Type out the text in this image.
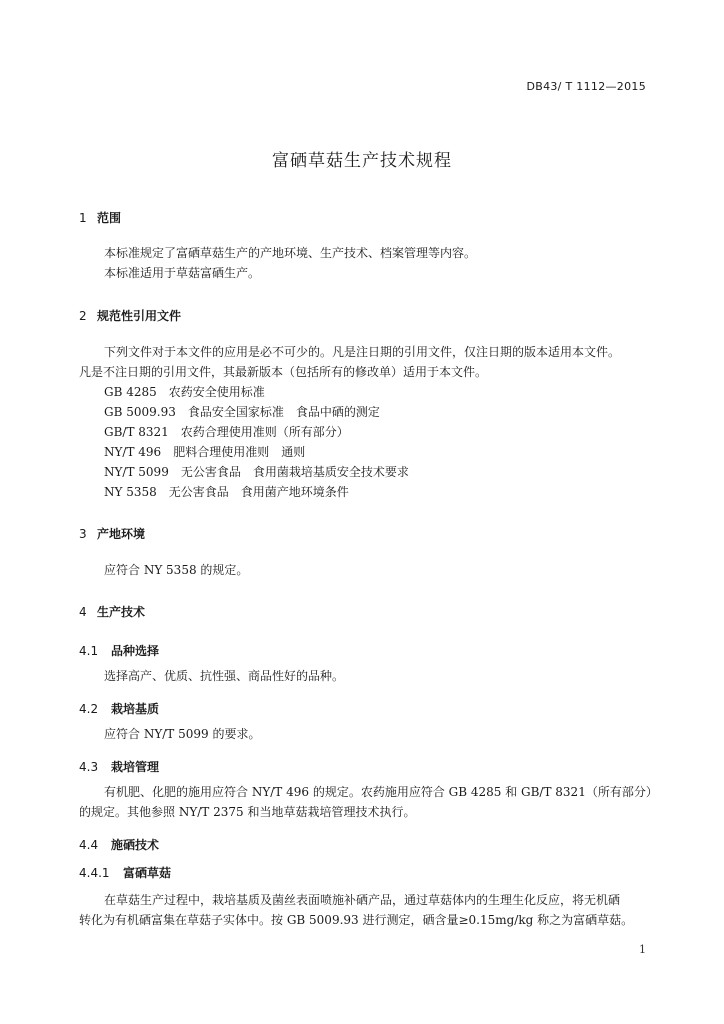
DB43/ T 1112—2015
富硒草菇生产技术规程
1 范围
本标准规定了富硒草菇生产的产地环境、生产技术、档案管理等内容。
本标准适用于草菇富硒生产。
2 规范性引用文件
下列文件对于本文件的应用是必不可少的。凡是注日期的引用文件，仅注日期的版本适用本文件。
凡是不注日期的引用文件，其最新版本（包括所有的修改单）适用于本文件。
GB 4285　农药安全使用标准
GB 5009.93　食品安全国家标准　食品中硒的测定
GB/T 8321　农药合理使用准则（所有部分）
NY/T 496　肥料合理使用准则　通则
NY/T 5099　无公害食品　食用菌栽培基质安全技术要求
NY 5358　无公害食品　食用菌产地环境条件
3 产地环境
应符合 NY 5358 的规定。
4 生产技术
4.1 品种选择
选择高产、优质、抗性强、商品性好的品种。
4.2 栽培基质
应符合 NY/T 5099 的要求。
4.3 栽培管理
有机肥、化肥的施用应符合 NY/T 496 的规定。农药施用应符合 GB 4285 和 GB/T 8321（所有部分）
的规定。其他参照 NY/T 2375 和当地草菇栽培管理技术执行。
4.4 施硒技术
4.4.1 富硒草菇
在草菇生产过程中，栽培基质及菌丝表面喷施补硒产品，通过草菇体内的生理生化反应，将无机硒
转化为有机硒富集在草菇子实体中。按 GB 5009.93 进行测定，硒含量≥0.15mg/kg 称之为富硒草菇。
1
